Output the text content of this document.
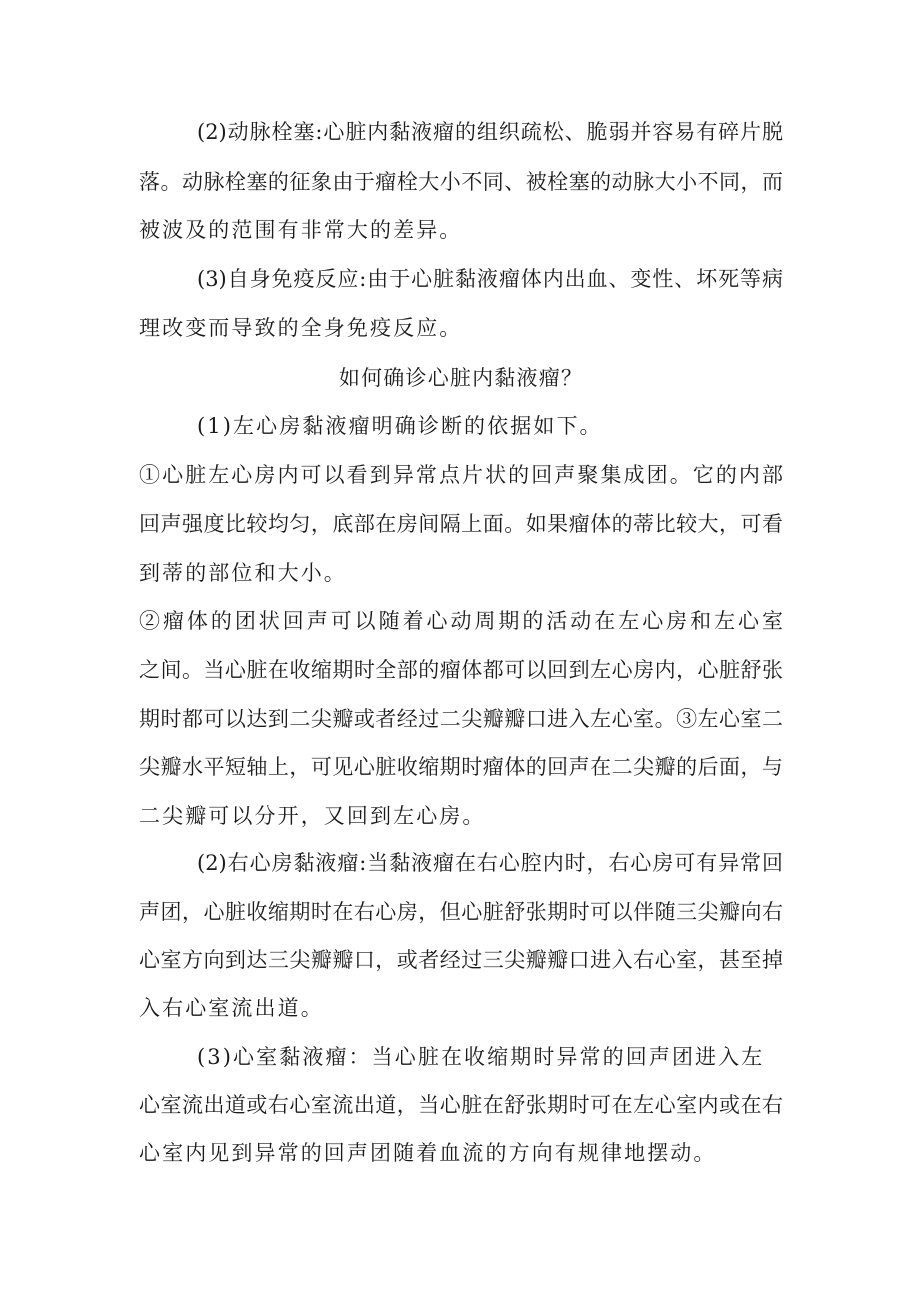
(2)动脉栓塞:心脏内黏液瘤的组织疏松、脆弱并容易有碎片脱
落。动脉栓塞的征象由于瘤栓大小不同、被栓塞的动脉大小不同，而
被波及的范围有非常大的差异。
(3)自身免疫反应:由于心脏黏液瘤体内出血、变性、坏死等病
理改变而导致的全身免疫反应。
如何确诊心脏内黏液瘤？
(1)左心房黏液瘤明确诊断的依据如下。
①心脏左心房内可以看到异常点片状的回声聚集成团。它的内部
回声强度比较均匀，底部在房间隔上面。如果瘤体的蒂比较大，可看
到蒂的部位和大小。
②瘤体的团状回声可以随着心动周期的活动在左心房和左心室
之间。当心脏在收缩期时全部的瘤体都可以回到左心房内，心脏舒张
期时都可以达到二尖瓣或者经过二尖瓣瓣口进入左心室。③左心室二
尖瓣水平短轴上，可见心脏收缩期时瘤体的回声在二尖瓣的后面，与
二尖瓣可以分开，又回到左心房。
(2)右心房黏液瘤:当黏液瘤在右心腔内时，右心房可有异常回
声团，心脏收缩期时在右心房，但心脏舒张期时可以伴随三尖瓣向右
心室方向到达三尖瓣瓣口，或者经过三尖瓣瓣口进入右心室，甚至掉
入右心室流出道。
(3)心室黏液瘤：当心脏在收缩期时异常的回声团进入左
心室流出道或右心室流出道，当心脏在舒张期时可在左心室内或在右
心室内见到异常的回声团随着血流的方向有规律地摆动。
